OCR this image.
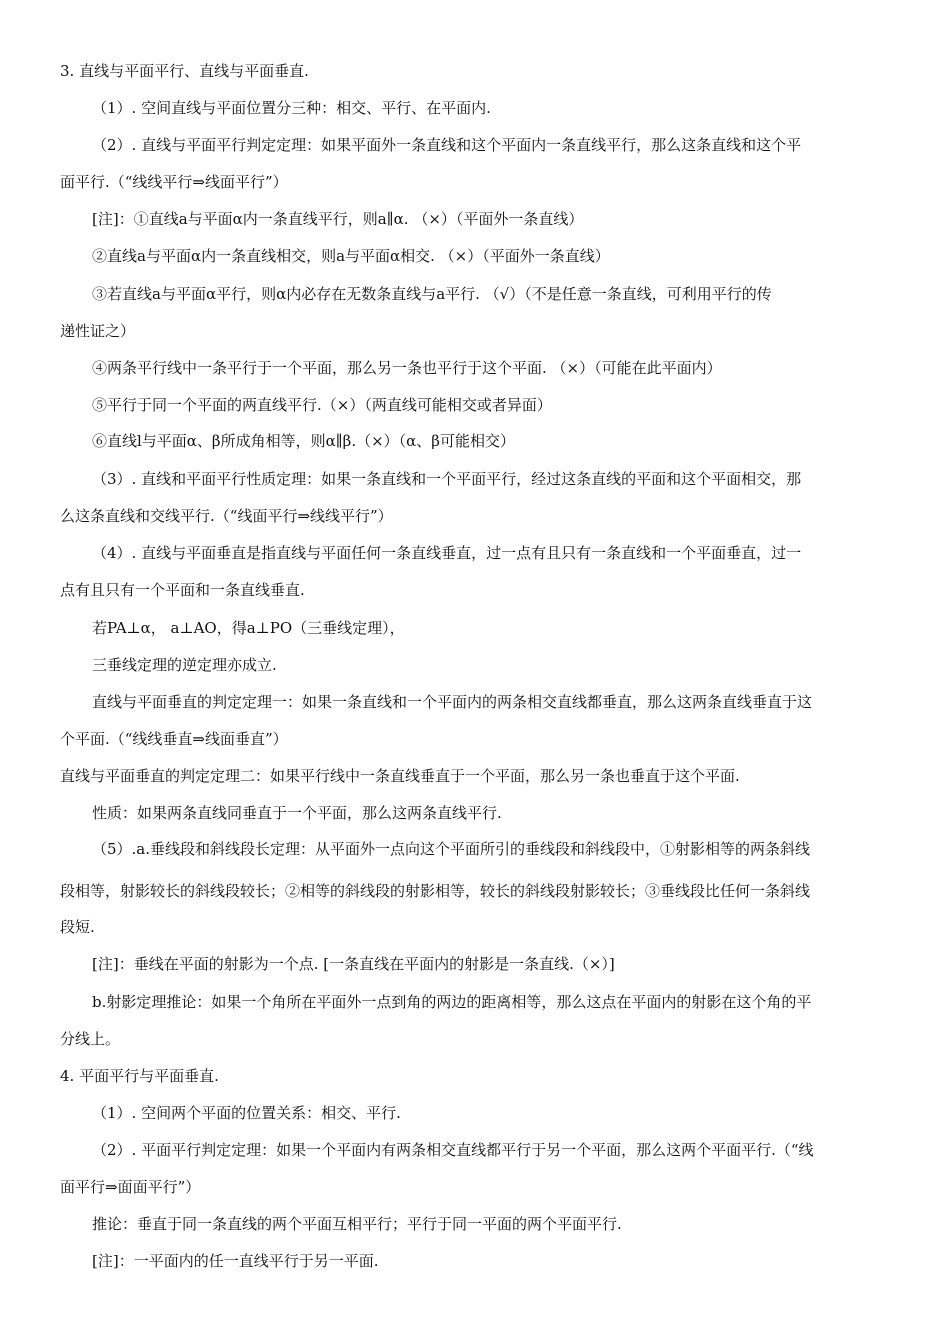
3. 直线与平面平行、直线与平面垂直.
（1）. 空间直线与平面位置分三种：相交、平行、在平面内.
（2）. 直线与平面平行判定定理：如果平面外一条直线和这个平面内一条直线平行，那么这条直线和这个平
面平行.（“线线平行⇒线面平行”）
[注]：①直线a与平面α内一条直线平行，则a∥α. （×）（平面外一条直线）
②直线a与平面α内一条直线相交，则a与平面α相交. （×）（平面外一条直线）
③若直线a与平面α平行，则α内必存在无数条直线与a平行. （√）（不是任意一条直线，可利用平行的传
递性证之）
④两条平行线中一条平行于一个平面，那么另一条也平行于这个平面. （×）（可能在此平面内）
⑤平行于同一个平面的两直线平行.（×）（两直线可能相交或者异面）
⑥直线l与平面α、β所成角相等，则α∥β.（×）（α、β可能相交）
（3）. 直线和平面平行性质定理：如果一条直线和一个平面平行，经过这条直线的平面和这个平面相交，那
么这条直线和交线平行.（“线面平行⇒线线平行”）
（4）. 直线与平面垂直是指直线与平面任何一条直线垂直，过一点有且只有一条直线和一个平面垂直，过一
点有且只有一个平面和一条直线垂直.
若PA⊥α， a⊥AO，得a⊥PO（三垂线定理），
三垂线定理的逆定理亦成立.
直线与平面垂直的判定定理一：如果一条直线和一个平面内的两条相交直线都垂直，那么这两条直线垂直于这
个平面.（“线线垂直⇒线面垂直”）
直线与平面垂直的判定定理二：如果平行线中一条直线垂直于一个平面，那么另一条也垂直于这个平面.
性质：如果两条直线同垂直于一个平面，那么这两条直线平行.
（5）.a.垂线段和斜线段长定理：从平面外一点向这个平面所引的垂线段和斜线段中，①射影相等的两条斜线
段相等，射影较长的斜线段较长；②相等的斜线段的射影相等，较长的斜线段射影较长；③垂线段比任何一条斜线
段短.
[注]：垂线在平面的射影为一个点. [一条直线在平面内的射影是一条直线.（×）]
b.射影定理推论：如果一个角所在平面外一点到角的两边的距离相等，那么这点在平面内的射影在这个角的平
分线上。
4. 平面平行与平面垂直.
（1）. 空间两个平面的位置关系：相交、平行.
（2）. 平面平行判定定理：如果一个平面内有两条相交直线都平行于另一个平面，那么这两个平面平行.（“线
面平行⇒面面平行”）
推论：垂直于同一条直线的两个平面互相平行；平行于同一平面的两个平面平行.
[注]：一平面内的任一直线平行于另一平面.
